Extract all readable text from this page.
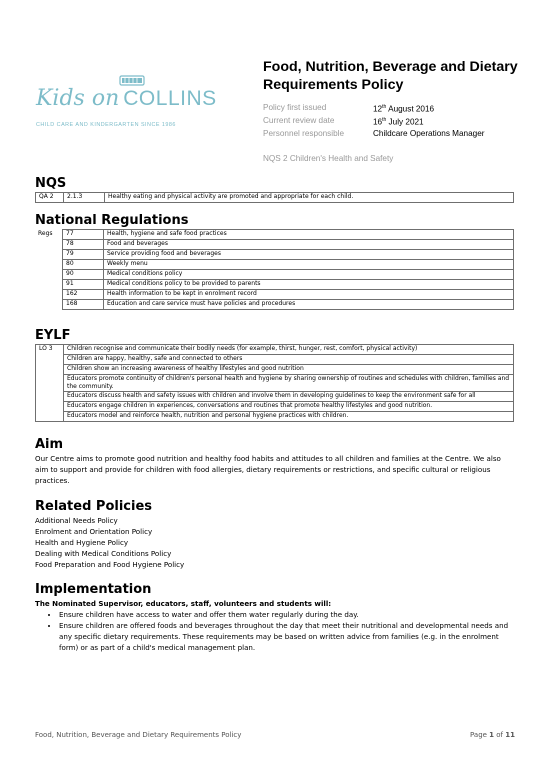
Kids on COLLINS
CHILD CARE AND KINDERGARTEN SINCE 1986
Food, Nutrition, Beverage and Dietary
Requirements Policy
Policy first issued	12th August 2016
Current review date	16th July 2021
Personnel responsible	Childcare Operations Manager
NQS 2 Children's Health and Safety
NQS
QA 2	2.1.3	Healthy eating and physical activity are promoted and appropriate for each child.
National Regulations
Regs	77	Health, hygiene and safe food practices
	78	Food and beverages
	79	Service providing food and beverages
	80	Weekly menu
	90	Medical conditions policy
	91	Medical conditions policy to be provided to parents
	162	Health information to be kept in enrolment record
	168	Education and care service must have policies and procedures
EYLF
LO 3	Children recognise and communicate their bodily needs (for example, thirst, hunger, rest, comfort, physical activity)
Children are happy, healthy, safe and connected to others
Children show an increasing awareness of healthy lifestyles and good nutrition
Educators promote continuity of children's personal health and hygiene by sharing ownership of routines and schedules with children, families and the community.
Educators discuss health and safety issues with children and involve them in developing guidelines to keep the environment safe for all
Educators engage children in experiences, conversations and routines that promote healthy lifestyles and good nutrition.
Educators model and reinforce health, nutrition and personal hygiene practices with children.
Aim

Our Centre aims to promote good nutrition and healthy food habits and attitudes to all children and families at the Centre. We also aim to support and provide for children with food allergies, dietary requirements or restrictions, and specific cultural or religious practices.

Related Policies
Additional Needs Policy
Enrolment and Orientation Policy
Health and Hygiene Policy
Dealing with Medical Conditions Policy
Food Preparation and Food Hygiene Policy
Implementation

The Nominated Supervisor, educators, staff, volunteers and students will:

• Ensure children have access to water and offer them water regularly during the day.
• Ensure children are offered foods and beverages throughout the day that meet their nutritional and developmental needs and any specific dietary requirements. These requirements may be based on written advice from families (e.g. in the enrolment form) or as part of a child's medical management plan.
Food, Nutrition, Beverage and Dietary Requirements Policy	Page 1 of 11
